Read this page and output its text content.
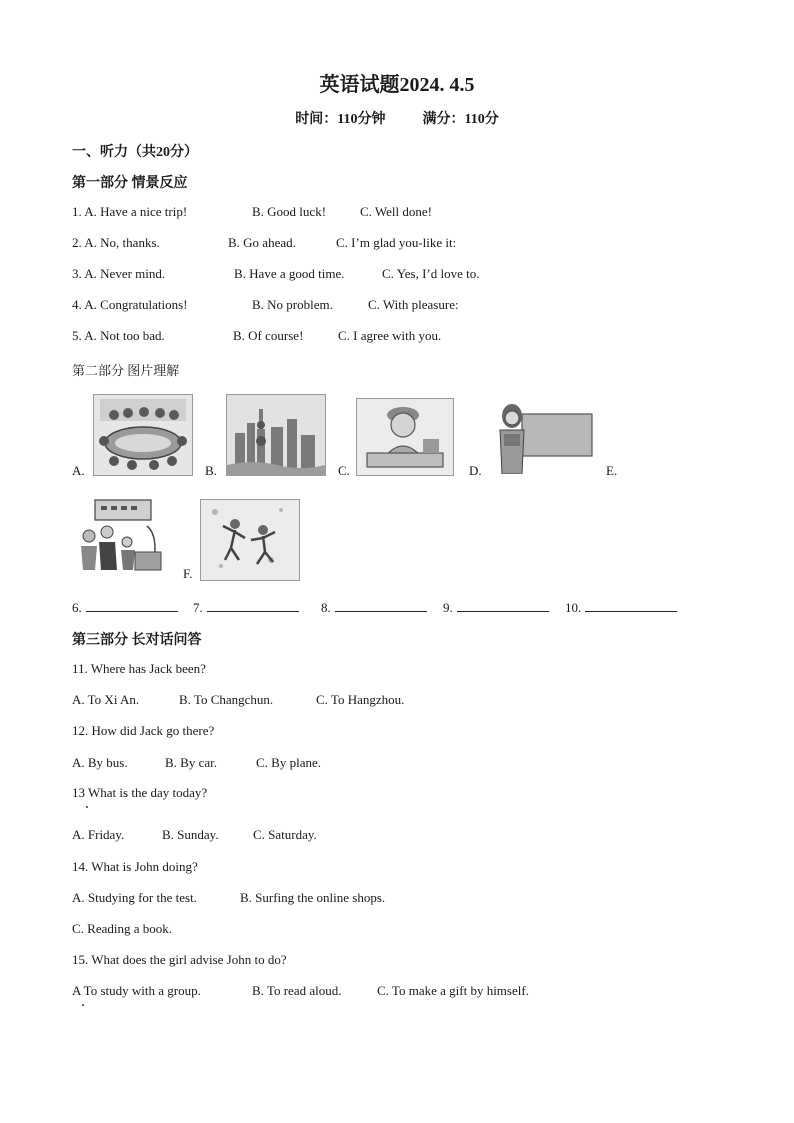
英语试题2024. 4.5
时间：110分钟	满分：110分
一、听力（共20分）
第一部分 情景反应
1. A. Have a nice trip!	B. Good luck!	C. Well done!
2. A. No, thanks.	B. Go ahead.	C. I’m glad you-like it:
3. A. Never mind.	B. Have a good time.	C. Yes, I’d love to.
4. A. Congratulations!	B. No problem.	C. With pleasure:
5. A. Not too bad.	B. Of course!	C. I agree with you.
第二部分 图片理解
A.	B.	C.	D.	E.
F.
6.	7.	8.	9.	10.
第三部分 长对话问答
11. Where has Jack been?
A. To Xi An.	B. To Changchun.	C. To Hangzhou.
12. How did Jack go there?
A. By bus.	B. By car.	C. By plane.
13 What is the day today?
A. Friday.	B. Sunday.	C. Saturday.
14. What is John doing?
A. Studying for the test.	B. Surfing the online shops.
C. Reading a book.
15. What does the girl advise John to do?
A To study with a group.	B. To read aloud.	C. To make a gift by himself.
